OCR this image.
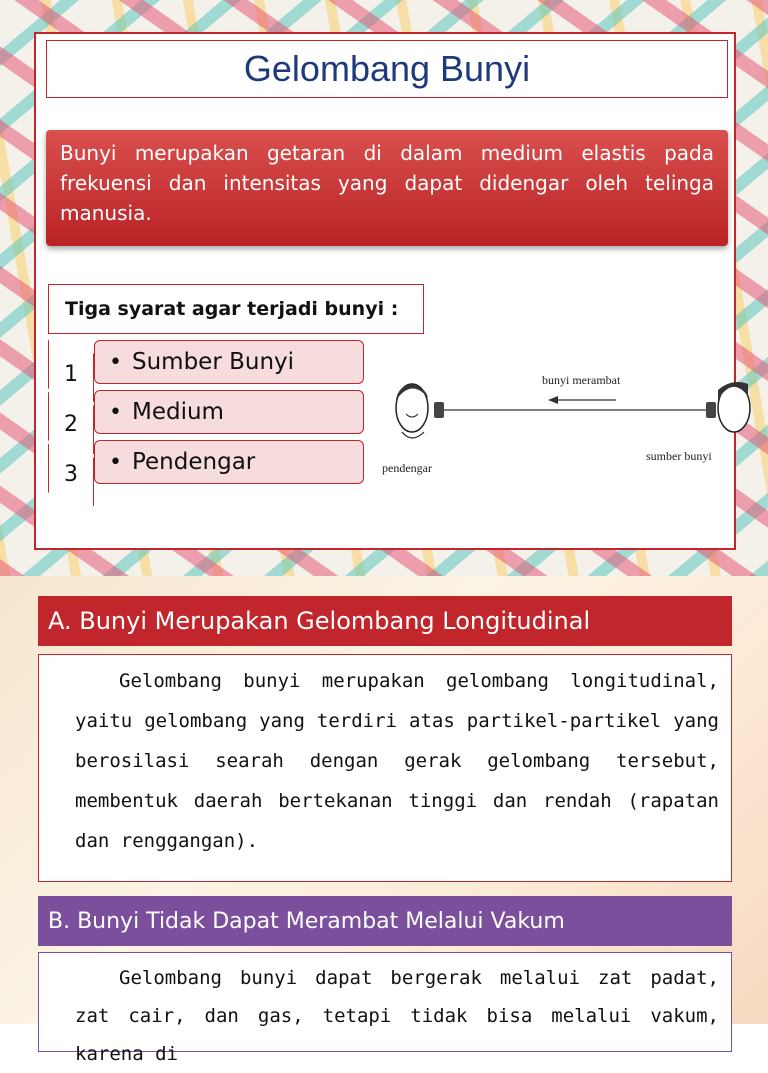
Gelombang Bunyi
Bunyi merupakan getaran di dalam medium elastis pada frekuensi dan intensitas yang dapat didengar oleh telinga manusia.
Tiga syarat agar terjadi bunyi :
1
2
3
• Sumber Bunyi
• Medium
• Pendengar
bunyi merambat
pendengar
sumber bunyi
A. Bunyi Merupakan Gelombang Longitudinal
Gelombang bunyi merupakan gelombang longitudinal, yaitu gelombang yang terdiri atas partikel-partikel yang berosilasi searah dengan gerak gelombang tersebut, membentuk daerah bertekanan tinggi dan rendah (rapatan dan renggangan).
B. Bunyi Tidak Dapat Merambat Melalui Vakum
Gelombang bunyi dapat bergerak melalui zat padat, zat cair, dan gas, tetapi tidak bisa melalui vakum, karena di
